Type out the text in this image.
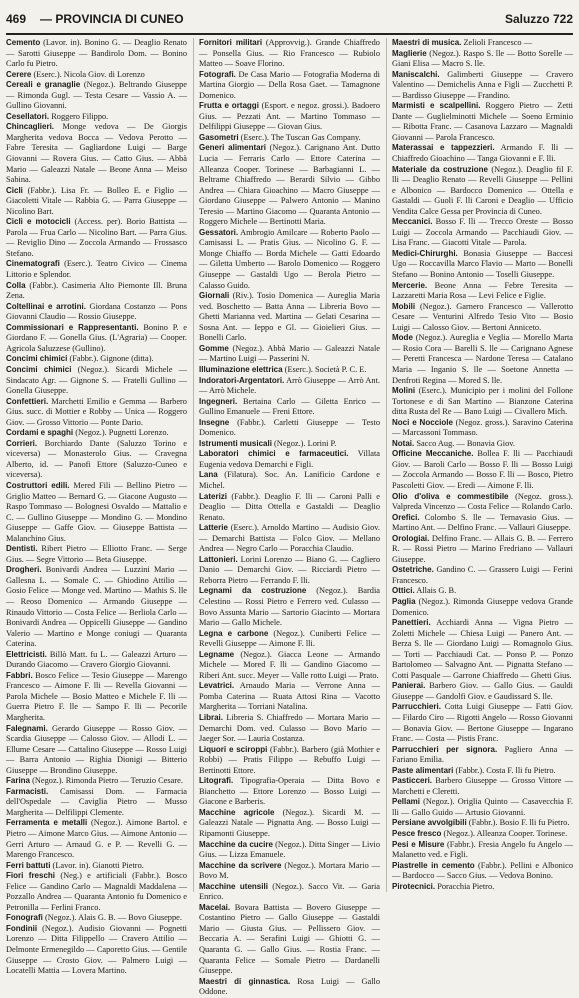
469	— PROVINCIA DI CUNEO	Saluzzo 722

Cemento (Lavor. in). Bonino G. — Deaglio Renato — Sarotti Giuseppe — Bandirolo Dom. — Bonino Carlo fu Pietro.

Cerere (Eserc.). Nicola Giov. di Lorenzo

Cereali e granaglie (Negoz.). Beltrando Giuseppe — Rimonda Gugl. — Testa Cesare — Vassio A. — Gullino Giovanni.

Cesellatori. Roggero Filippo.

Chincaglieri. Monge vedova — De Giorgis Margherita vedova Bocca — Vedova Perotto — Fabre Teresita — Gagliardone Luigi — Barge Giovanni — Rovera Gius. — Catto Gius. — Abbà Mario — Galeazzi Natale — Beone Anna — Meiso Sabina.

Cicli (Fabbr.). Lisa Fr. — Bolleo E. e Figlio — Giacoletti Vitale — Rabbia G. — Parra Giuseppe — Nicolino Bart.

Cicli e motocicli (Access. per). Borio Battista — Parola — Frua Carlo — Nicolino Bart. — Parra Gius. — Reviglio Dino — Zoccola Armando — Frossasco Stefano.

Cinematografi (Eserc.). Teatro Civico — Cinema Littorio e Splendor.

Colla (Fabbr.). Casimeria Alto Piemonte Ill. Bruna Zena.

Coltellinai e arrotini. Giordana Costanzo — Pons Giovanni Claudio — Rossio Giuseppe.

Commissionari e Rappresentanti. Bonino P. e Giordano F. — Gonella Gius. (L'Agraria) — Cooper. Agricola Saluzzese (Gullino).

Concimi chimici (Fabbr.). Gignone (ditta).

Concimi chimici (Negoz.). Sicardi Michele — Sindacato Agr. — Gignone S. — Fratelli Gullino — Gonella Giuseppe.

Confettieri. Marchetti Emilio e Gemma — Barbero Gius. succ. di Mottier e Robby — Unica — Roggero Giov. — Grosso Vittorio — Ponte Dario.

Cordami e spaghi (Negoz.). Pugnetti Lorenzo.

Corrieri. Borchiardo Dante (Saluzzo Torino e viceversa) — Monasterolo Gius. — Cravegna Alberto, id. — Panofi Ettore (Saluzzo-Cuneo e viceversa).

Costruttori edili. Mered Fili — Bellino Pietro — Griglio Matteo — Bernard G. — Giacone Augusto — Raspo Tommaso — Bolognesi Osvaldo — Mattalio e C. — Gullino Giuseppe — Mondino G. — Mondino Giuseppe — Gaffe Giov. — Giuseppe Battista — Malanchino Gius.

Dentisti. Ribert Pietro — Elliotto Franc. — Serge Gius. — Segre Vittorio — Beta Giuseppe.

Drogheri. Bonivardi Andrea — Luzzini Mario — Gallesna L. — Somale C. — Ghiodino Attilio — Gosio Felice — Monge ved. Martino — Mathis S. lle — Reoso Domenico — Armando Giuseppe — Rinaudo Vittorio — Costa Felice — Berliola Carlo — Bonivardi Andrea — Oppicelli Giuseppe — Gandino Valerio — Martino e Monge coniugi — Quaranta Caterina.

Elettricisti. Billò Matt. fu L. — Galeazzi Arturo — Durando Giacomo — Cravero Giorgio Giovanni.

Fabbri. Bosco Felice — Tesio Giuseppe — Marengo Francesco — Aimone F. lli — Revella Giovanni — Parola Michele — Bosio Matteo e Michele F. lli — Guerra Pietro F. lle — Sampo F. lli — Pecorile Margherita.

Falegnami. Gerardo Giuseppe — Rosso Giov. — Scardia Giuseppe — Calosso Giov. — Allodi L. — Ellume Cesare — Cattalino Giuseppe — Rosso Luigi — Barra Antonio — Righia Dionigi — Bitterio Giuseppe — Brondino Giuseppe.

Farina (Negoz.). Rimonda Pietro — Teruzio Cesare.

Farmacisti. Camisassi Dom. — Farmacia dell'Ospedale — Caviglia Pietro — Musso Margherita — Delfilippi Clemente.

Ferramenta e metalli (Negoz.). Aimone Bartol. e Pietro — Aimone Marco Gius. — Aimone Antonio — Gerri Arturo — Arnaud G. e P. — Revelli G. — Marengo Francesco.

Ferri battuti (Lavor. in). Gianotti Pietro.

Fiori freschi (Neg.) e artificiali (Fabbr.). Bosco Felice — Gandino Carlo — Magnaldi Maddalena — Pozzallo Andrea — Quaranta Antonio fu Domenico e Petronilla — Ferlini Franco.

Fonografi (Negoz.). Alais G. B. — Bovo Giuseppe.

Fondinii (Negoz.). Audisio Giovanni — Pognetti Lorenzo — Ditta Filippello — Cravero Attilio — Delmonte Ermenegildo — Caporetto Gius. — Gentile Giuseppe — Crosto Giov. — Palmero Luigi — Locatelli Mattia — Lovera Martino.

Fornitori militari (Approvvig.). Grande Chiaffredo — Ponsella Gius. — Rio Francesco — Rubiolo Matteo — Soave Florino.

Fotografi. De Casa Mario — Fotografia Moderna di Martina Giorgio — Della Rosa Gaet. — Tamagnone Domenico.

Frutta e ortaggi (Esport. e negoz. grossi.). Badoero Gius. — Pezzati Ant. — Martino Tommaso — Delfilippi Giuseppe — Giovan Gius.

Gasometri (Eserc.). The Tuscan Gas Company.

Generi alimentari (Negoz.). Carignano Ant. Dutto Lucia — Ferraris Carlo — Ettore Caterina — Alleanza Cooper. Torinese — Barbagianni L. — Beltrame Chiaffredo — Berardi Silvio — Gibbo Andrea — Chiara Gioachino — Macro Giuseppe — Giordano Giuseppe — Palwero Antonio — Manino Teresio — Martino Giacomo — Quaranta Antonio — Roggero Michele — Bertinotti Maria.

Gessatori. Ambrogio Amilcare — Roberto Paolo — Camisassi L. — Pratis Gius. — Nicolino G. F. — Monge Chiaffo — Borda Michele — Gatti Edoardo — Giletta Umberto — Barolo Domenico — Roggero Giuseppe — Gastaldi Ugo — Berola Pietro — Calasso Guido.

Giornali (Riv.). Tosio Domenica — Aureglia Maria ved. Boschetto — Batta Anna — Libreria Bovo — Ghetti Marianna ved. Martina — Gelati Cesarina — Sosna Ant. — Ieppo e Gl. — Gioielieri Gius. — Bonelli Carlo.

Gomme (Negoz.). Abbà Mario — Galeazzi Natale — Martino Luigi — Passerini N.

Illuminazione elettrica (Eserc.). Società P. C. E.

Indoratori-Argentatori. Arrò Giuseppe — Arrò Ant. — Arrò Michele.

Ingegneri. Bertaina Carlo — Giletta Enrico — Gullino Emanuele — Freni Ettore.

Insegne (Fabbr.). Carletti Giuseppe — Testo Domenico.

Istrumenti musicali (Negoz.). Lorini P.

Laboratori chimici e farmaceutici. Villata Eugenia vedova Demarchi e Figli.

Lana (Filatura). Soc. An. Lanificio Cardone e Michel.

Laterizi (Fabbr.). Deaglio F. lli — Caroni Palli e Deaglio — Ditta Ottella e Gastaldi — Deaglio Renato.

Latterie (Eserc.). Arnoldo Martino — Audisio Giov. — Demarchi Battista — Folco Giov. — Mellano Andrea — Negro Carlo — Poracchia Claudio.

Lattonieri. Lorini Lorenzo — Biano G. — Cagliero Danio — Demarchi Giov. — Ricciardi Pietro — Reborra Pietro — Ferrando F. lli.

Legnami da costruzione (Negoz.). Bardia Celestino — Rossi Pietro e Ferrero ved. Culasso — Bovo Assunta Mario — Sartorio Giacinto — Mortara Mario — Gallo Michele.

Legna e carbone (Negoz.). Cuniberti Felice — Revelli Giuseppe — Aimone F. lli.

Legname (Negoz.). Giacca Leone — Armando Michele — Mored F. lli — Gandino Giacomo — Riberi Ant. succ. Meyer — Valle rotto Luigi — Prato.

Levatrici. Arnaudo Maria — Verrone Anna — Pomba Caterina — Ruata Attosi Rina — Vacotto Margherita — Torriani Natalina.

Librai. Libreria S. Chiaffredo — Mortara Mario — Demarchi Dom. ved. Culasso — Bovo Mario — Jaeger Sor. — Lauria Costanza.

Liquori e sciroppi (Fabbr.). Barbero (già Mothier e Robbi) — Pratis Filippo — Rebuffo Luigi — Bertinotti Ettore.

Litografi. Tipografia-Operaia — Ditta Bovo e Bianchetto — Ettore Lorenzo — Bosso Luigi — Giacone e Barberis.

Macchine agricole (Negoz.). Sicardi M. — Galeazzi Natale — Pignatta Ang. — Bosso Luigi — Ripamonti Giuseppe.

Macchine da cucire (Negoz.). Ditta Singer — Livio Gius. — Lizza Emanuele.

Macchine da scrivere (Negoz.). Mortara Mario — Bovo M.

Macchine utensili (Negoz.). Sacco Vit. — Garia Enrico.

Macelai. Bovara Battista — Bovero Giuseppe — Costantino Pietro — Gallo Giuseppe — Gastaldi Mario — Giusta Gius. — Pellissero Giov. — Beccaria A. — Serafini Luigi — Ghiotti G. — Quaranta G. — Gallo Gius. — Rostia Franc. — Quaranta Felice — Somale Pietro — Dardanelli Giuseppe.

Maestri di ginnastica. Rosa Luigi — Gallo Oddone.

Maestri di musica. Zelioli Francesco —

Maglierie (Negoz.). Raspo S. lle — Botto Sorelle — Giani Elisa — Macro S. lle.

Maniscalchi. Galimberti Giuseppe — Cravero Valentino — Demichelis Anna e Figli — Zucchetti P. — Bardisso Giuseppe — Frandino.

Marmisti e scalpellini. Roggero Pietro — Zetti Dante — Guglielminotti Michele — Soeno Erminio — Ribotta Franc. — Casanova Lazzaro — Magnaldi Giovanni — Parola Francesco.

Materassai e tappezzieri. Armando F. lli — Chiaffredo Gioachino — Tanga Giovanni e F. lli.

Materiale da costruzione (Negoz.). Deaglio fil F. lli — Deaglio Renato — Revelli Giuseppe — Pellini e Albonico — Bardocco Domenico — Ottella e Gastaldi — Guoli F. lli Caroni e Deaglio — Ufficio Vendita Calce Gessa per Provincia di Cuneo.

Meccanici. Bosso F. lli — Trecco Oreste — Bosso Luigi — Zoccola Armando — Pacchiaudi Giov. — Lisa Franc. — Giacotti Vitale — Parola.

Medici-Chirurghi. Bonasia Giuseppe — Baccesi Ugo — Roccavilla Marco Flavio — Marto — Bonelli Stefano — Bonino Antonio — Toselli Giuseppe.

Mercerie. Beone Anna — Febre Teresita — Lazzaretti Maria Rosa — Levi Felice e Figlie.

Mobili (Negoz.). Garnero Francesco — Vallerotto Cesare — Venturini Alfredo Tesio Vito — Bosio Luigi — Calosso Giov. — Bertoni Anniceto.

Mode (Negoz.). Aureglia e Veglia — Morello Marta — Rosio Cora — Barelli S. lle — Carignano Agnese — Peretti Francesca — Nardone Teresa — Catalano Maria — Inganio S. lle — Soetone Annetta — Denfroti Regina — Mored S. lle.

Molini (Eserc.). Municipio per i molini del Follone Tortonese e di San Martino — Bianzone Caterina ditta Rusta del Re — Bano Luigi — Civallero Mich.

Noci e Nocciole (Negoz. gross.). Saravino Caterina — Marcassoni Tommaso.

Notai. Sacco Aug. — Bonavia Giov.

Officine Meccaniche. Bollea F. lli — Pacchiaudi Giov. — Baroli Carlo — Bosso F. lli — Bosso Luigi — Zoccola Armando — Bosso F. lli — Bosco, Pietro Pascoletti Giov. — Eredi — Aimone F. lli.

Olio d'oliva e commestibile (Negoz. gross.). Valpreda Vincenzo — Costa Felice — Rolando Carlo.

Orefici. Colombo S. lle — Ternavasio Gius. — Martino Ant. — Delfino Franc. — Vallauri Giuseppe.

Orologiai. Delfino Franc. — Allais G. B. — Ferrero R. — Rossi Pietro — Marino Fredriano — Vallauri Giuseppe.

Ostetriche. Gandino C. — Grassero Luigi — Ferini Francesco.

Ottici. Allais G. B.

Paglia (Negoz.). Rimonda Giuseppe vedova Grande Domenico.

Panettieri. Acchiardi Anna — Vigna Pietro — Zoletti Michele — Chiesa Luigi — Panero Ant. — Berza S. lle — Giordano Luigi — Romagnolo Gius. — Torti — Pacchiaudi Cat. — Ponso P. — Ponzo Bartolomeo — Salvagno Ant. — Pignatta Stefano — Cotti Pasquale — Garrone Chiaffredo — Ghetti Gius.

Panierai. Barbero Giov. — Gallo Gius. — Gauldi Giuseppe — Gandolfi Giov. e Gaudissard S. lle.

Parrucchieri. Cotta Luigi Giuseppe — Fatti Giov. — Filardo Ciro — Rigotti Angelo — Rosso Giovanni — Bonavia Giov. — Bertone Giuseppe — Ingarano Franc. — Costa — Pistis Franc.

Parrucchieri per signora. Pagliero Anna — Fariano Emilia.

Paste alimentari (Fabbr.). Costa F. lli fu Pietro.

Pasticceri. Barbero Giuseppe — Grosso Vittore — Marchetti e Cleretti.

Pellami (Negoz.). Origlia Quinto — Casavecchia F. lli — Gallo Guido — Artusio Giovanni.

Persiane avvolgibili (Fabbr.). Bosio F. lli fu Pietro.

Pesce fresco (Negoz.). Alleanza Cooper. Torinese.

Pesi e Misure (Fabbr.). Fresia Angelo fu Angelo — Malanetto ved. e Figli.

Piastrelle in cemento (Fabbr.). Pellini e Albonico — Bardocco — Sacco Gius. — Vedova Bonino.

Pirotecnici. Poracchia Pietro.
